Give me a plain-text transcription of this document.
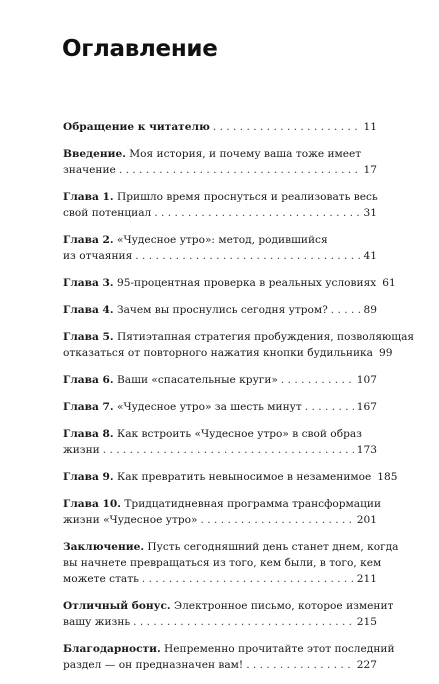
Оглавление
Обращение к читателю . . .	11
Введение. Моя история, и почему ваша тоже имеет
значение . . .	17
Глава 1. Пришло время проснуться и реализовать весь
свой потенциал . . .	31
Глава 2. «Чудесное утро»: метод, родившийся
из отчаяния . . .	41
Глава 3. 95-процентная проверка в реальных условиях 61
Глава 4. Зачем вы проснулись сегодня утром? . . .	89
Глава 5. Пятиэтапная стратегия пробуждения, позволяющая
отказаться от повторного нажатия кнопки будильника 99
Глава 6. Ваши «спасательные круги» . . .	107
Глава 7. «Чудесное утро» за шесть минут . . .	167
Глава 8. Как встроить «Чудесное утро» в свой образ
жизни . . .	173
Глава 9. Как превратить невыносимое в незаменимое 185
Глава 10. Тридцатидневная программа трансформации
жизни «Чудесное утро» . . .	201
Заключение. Пусть сегодняшний день станет днем, когда
вы начнете превращаться из того, кем были, в того, кем
можете стать . . .	211
Отличный бонус. Электронное письмо, которое изменит
вашу жизнь . . .	215
Благодарности. Непременно прочитайте этот последний
раздел — он предназначен вам! . . .	227
